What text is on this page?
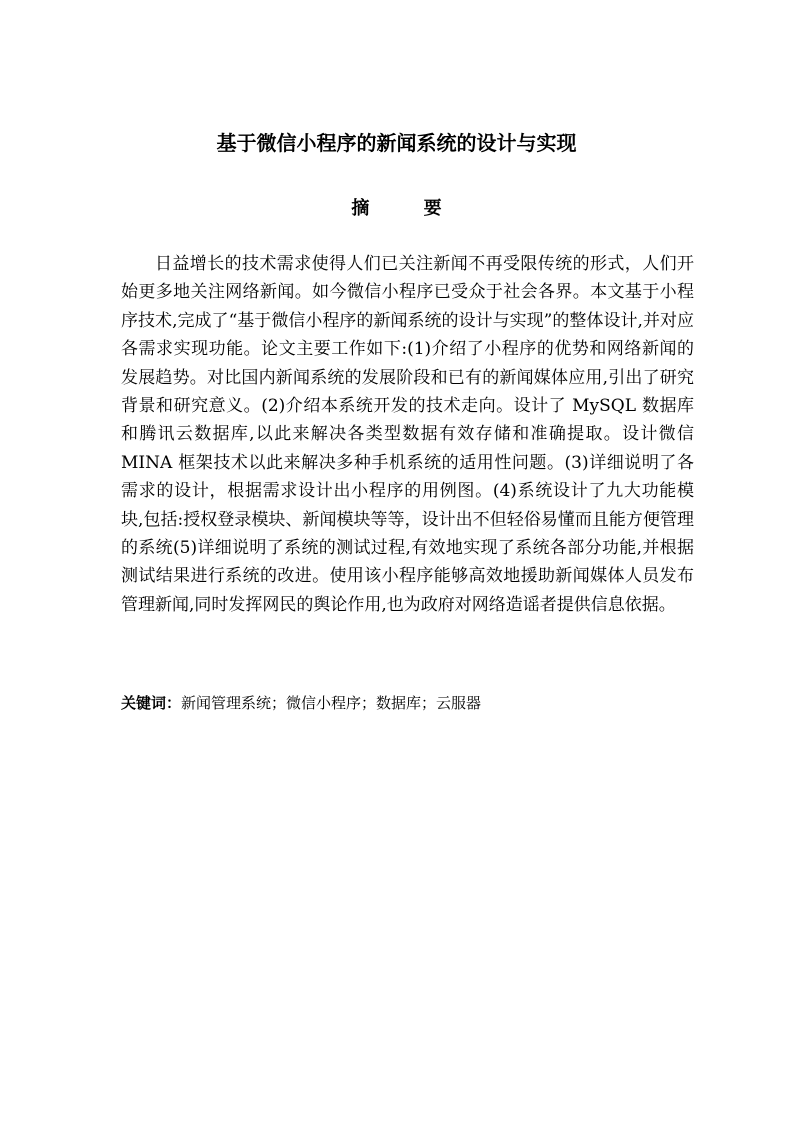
基于微信小程序的新闻系统的设计与实现
摘 要

日益增长的技术需求使得人们已关注新闻不再受限传统的形式，人们开始更多地关注网络新闻。如今微信小程序已受众于社会各界。本文基于小程序技术,完成了“基于微信小程序的新闻系统的设计与实现”的整体设计,并对应各需求实现功能。论文主要工作如下:(1)介绍了小程序的优势和网络新闻的发展趋势。对比国内新闻系统的发展阶段和已有的新闻媒体应用,引出了研究背景和研究意义。(2)介绍本系统开发的技术走向。设计了 MySQL 数据库和腾讯云数据库,以此来解决各类型数据有效存储和准确提取。设计微信 MINA 框架技术以此来解决多种手机系统的适用性问题。(3)详细说明了各需求的设计，根据需求设计出小程序的用例图。(4)系统设计了九大功能模块,包括:授权登录模块、新闻模块等等，设计出不但轻俗易懂而且能方便管理的系统(5)详细说明了系统的测试过程,有效地实现了系统各部分功能,并根据测试结果进行系统的改进。使用该小程序能够高效地援助新闻媒体人员发布管理新闻,同时发挥网民的舆论作用,也为政府对网络造谣者提供信息依据。

关键词：新闻管理系统；微信小程序；数据库；云服器
